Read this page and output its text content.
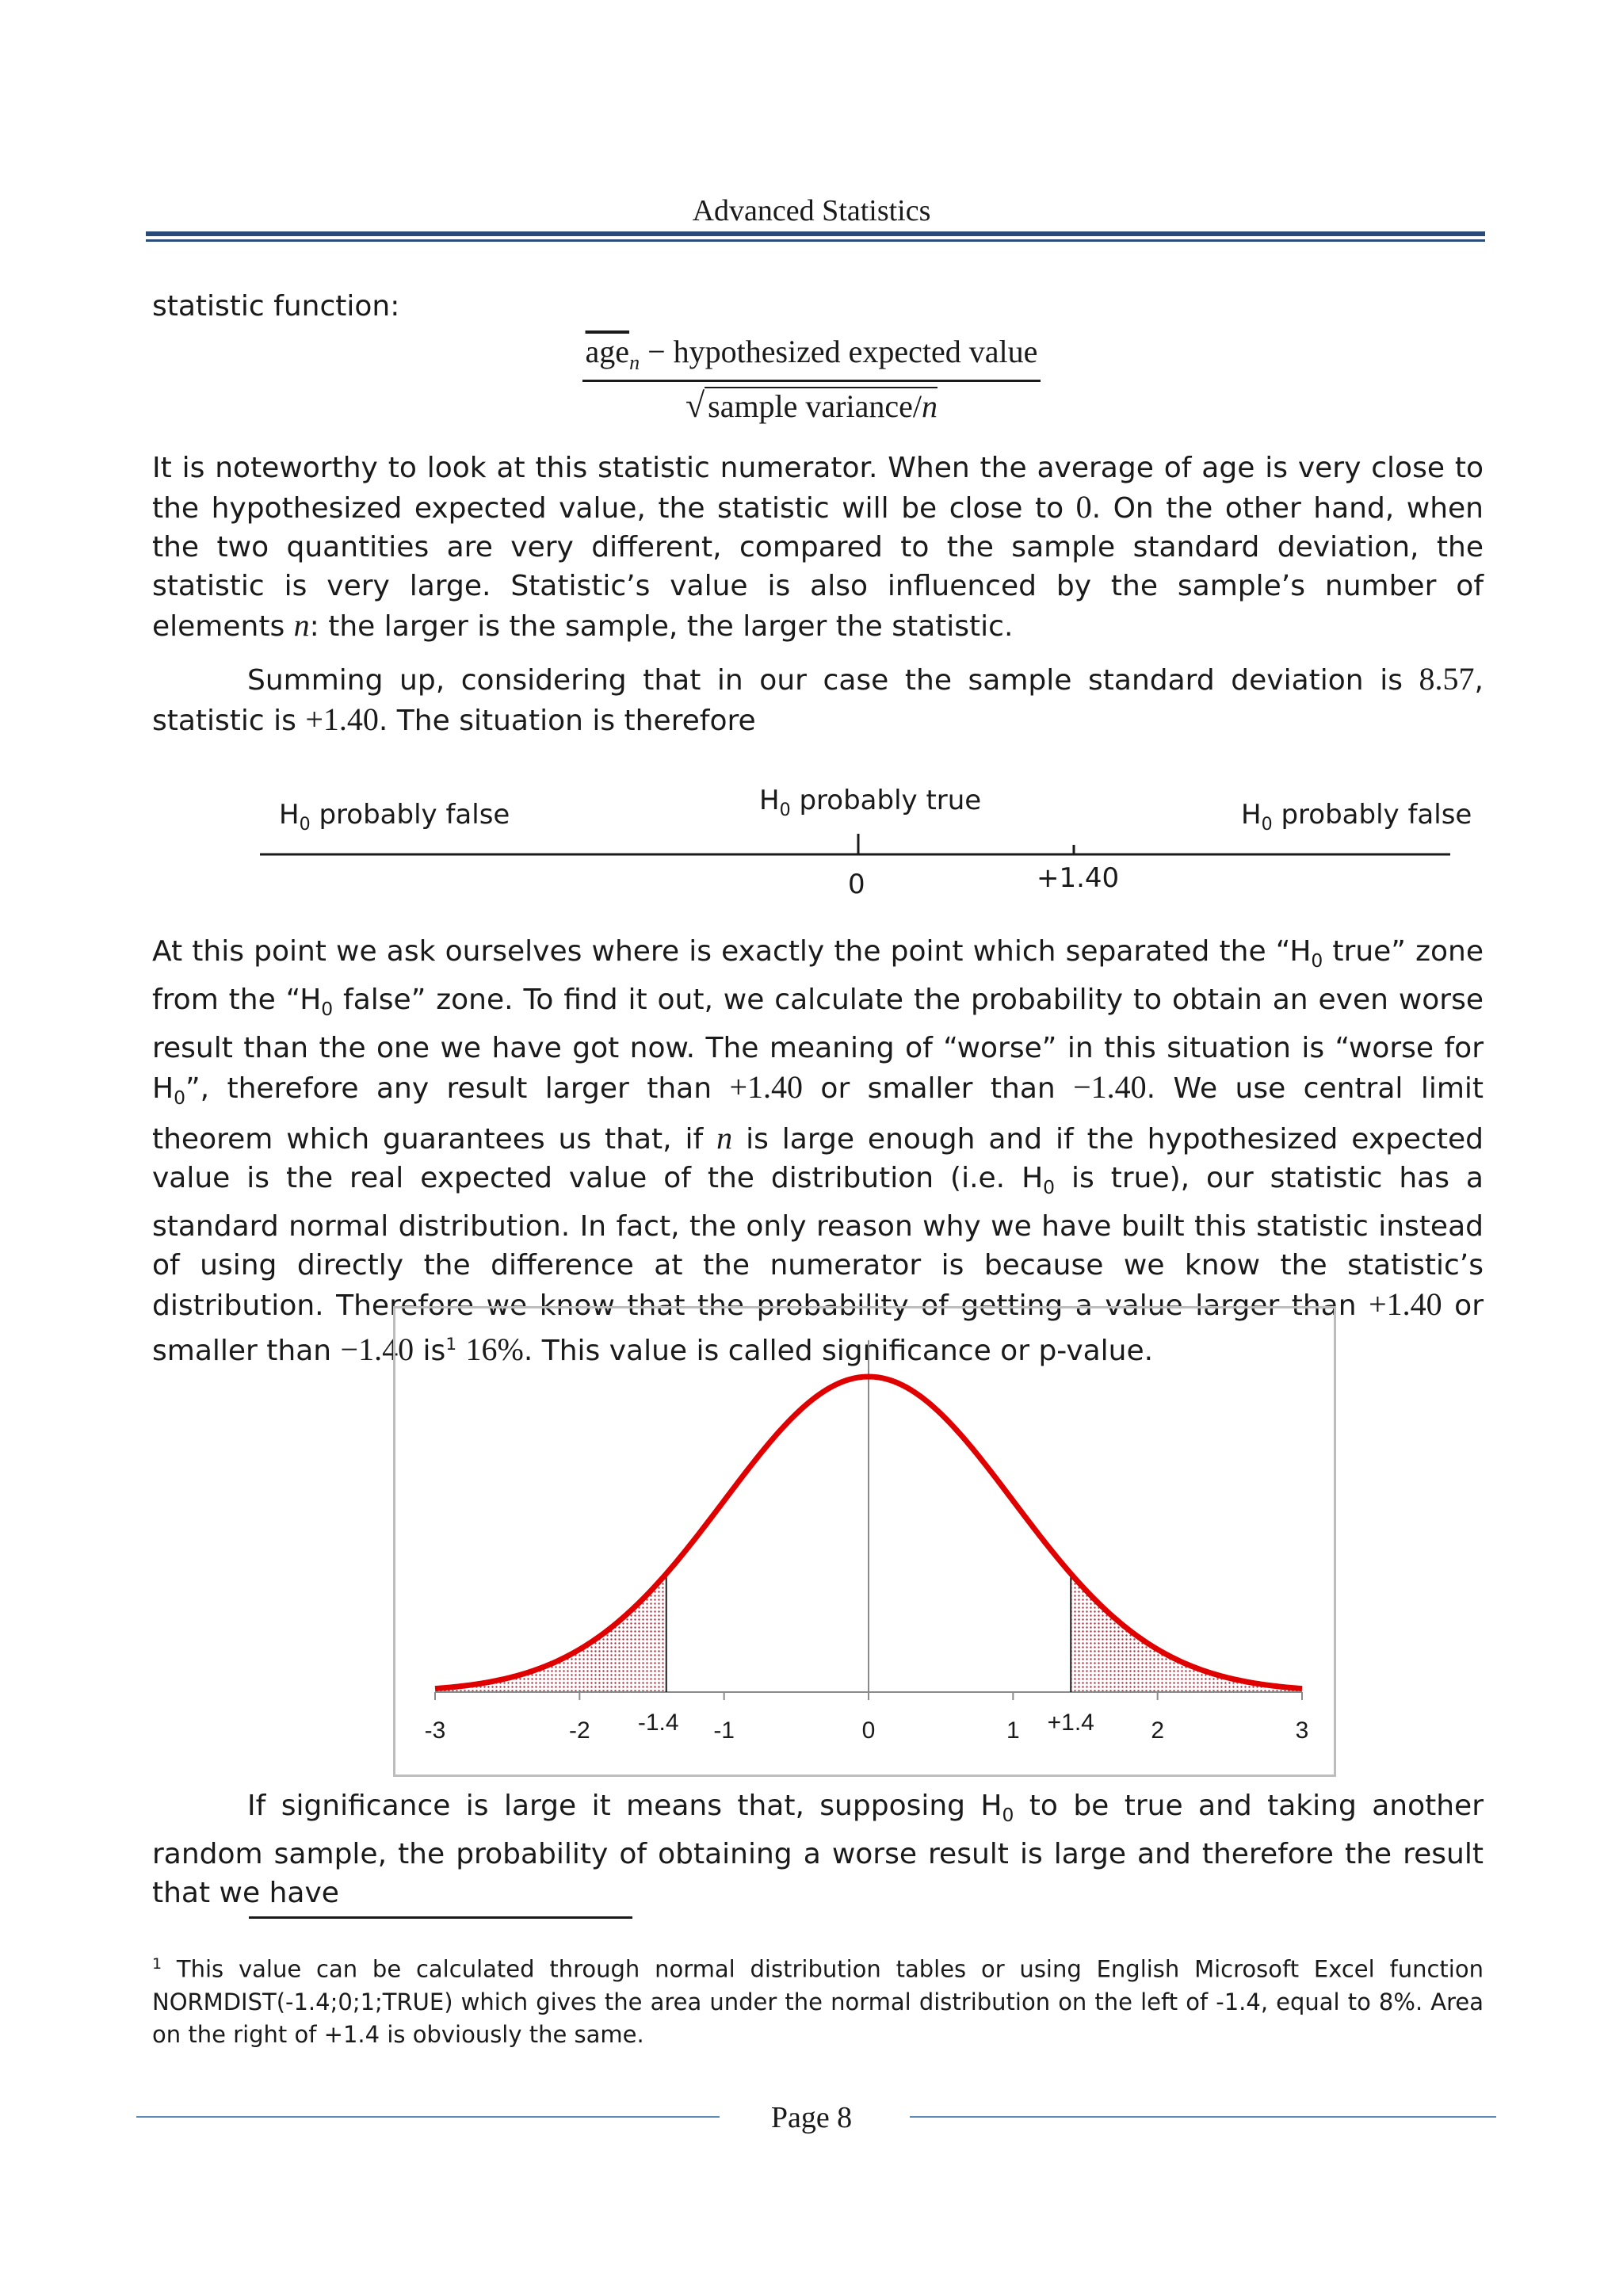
Advanced Statistics
statistic function:
$\frac{\overline{age}_n - hypothesized expected value}{\text{√ sample variance/n}}$
It is noteworthy to look at this statistic numerator. When the average of age is very close to the hypothesized expected value, the statistic will be close to 0. On the other hand, when the two quantities are very different, compared to the sample standard deviation, the statistic is very large. Statistic’s value is also influenced by the sample’s number of elements n: the larger is the sample, the larger the statistic.
Summing up, considering that in our case the sample standard deviation is 8.57, statistic is +1.40. The situation is therefore
$H_0$ probably false	$H_0$ probably true	$H_0$ probably false
0	+1.40
At this point we ask ourselves where is exactly the point which separated the “$H_0$ true” zone from the “$H_0$ false” zone. To find it out, we calculate the probability to obtain an even worse result than the one we have got now. The meaning of “worse” in this situation is “worse for $H_0$”, therefore any result larger than +1.40 or smaller than −1.40. We use central limit theorem which guarantees us that, if n is large enough and if the hypothesized expected value is the real expected value of the distribution (i.e. $H_0$ is true), our statistic has a standard normal distribution. In fact, the only reason why we have built this statistic instead of using directly the difference at the numerator is because we know the statistic’s distribution. Therefore we know that the probability of getting a value larger than +1.40 or smaller than −1.40 $is^1$ 16%. This value is called significance or p-value.
-3	-2	-1	0	1	2	3
-1.4	+1.4
If significance is large it means that, supposing $H_0$ to be true and taking another random sample, the probability of obtaining a worse result is large and therefore the result that we have
$^1$ This value can be calculated through normal distribution tables or using English Microsoft Excel function NORMDIST(-1.4;0;1;TRUE) which gives the area under the normal distribution on the left of -1.4, equal to 8%. Area on the right of +1.4 is obviously the same.
Page 8
